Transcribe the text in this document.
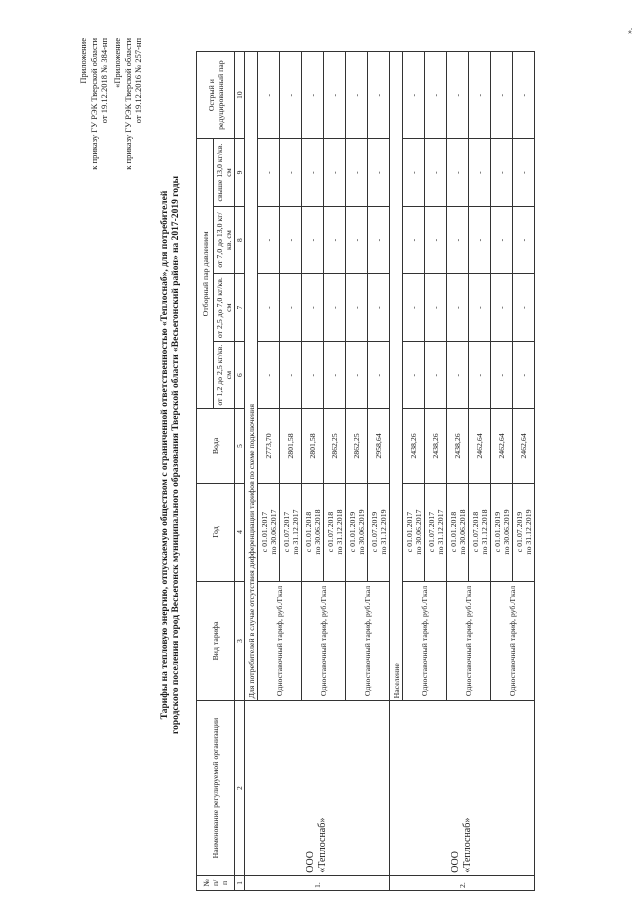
Приложение к приказу ГУ РЭК Тверской области от 19.12.2018 № 384-нп «Приложение к приказу ГУ РЭК Тверской области от 19.12.2016 № 257-нп
Тарифы на тепловую энергию, отпускаемую обществом с ограниченной ответственностью «Теплоснаб», для потребителей городского поселения город Весьегонск муниципального образования Тверской области «Весьегонский район» на 2017-2019 годы
№ п/п	Наименование регулируемой организации	Вид тарифа	Год	Вода	Отборный пар давлением				Острый и редуцированный пар
					от 1,2 до 2,5 кг/кв. см	от 2,5 до 7,0 кг/кв. см	от 7,0 до 13,0 кг/кв. см	свыше 13,0 кг/кв. см	
1	2	3	4	5	6	7	8	9	10
1.	ООО «Теплоснаб»	Для потребителей в случае отсутствия дифференциации тарифов по схеме подключения							
		Одноставочный тариф, руб./Гкал	с 01.01.2017 по 30.06.2017	2773,70	-	-	-	-	-

			с 01.07.2017 по 31.12.2017	2801,58	-	-	-	-	-
		Одноставочный тариф, руб./Гкал	с 01.01.2018 по 30.06.2018	2801,58	-	-	-	-	-

			с 01.07.2018 по 31.12.2018	2862,25	-	-	-	-	-
		Одноставочный тариф, руб./Гкал	с 01.01.2019 по 30.06.2019	2862,25	-	-	-	-	-

			с 01.07.2019 по 31.12.2019	2958,64	-	-	-	-	-
2.	ООО «Теплоснаб»	Население							
		Одноставочный тариф, руб./Гкал	с 01.01.2017 по 30.06.2017	2438,26	-	-	-	-	-

			с 01.07.2017 по 31.12.2017	2438,26	-	-	-	-	-
		Одноставочный тариф, руб./Гкал	с 01.01.2018 по 30.06.2018	2438,26	-	-	-	-	-

			с 01.07.2018 по 31.12.2018	2462,64	-	-	-	-	-
		Одноставочный тариф, руб./Гкал	с 01.01.2019 по 30.06.2019	2462,64	-	-	-	-	-

			с 01.07.2019 по 31.12.2019	2462,64	-	-	-	-	-
».
